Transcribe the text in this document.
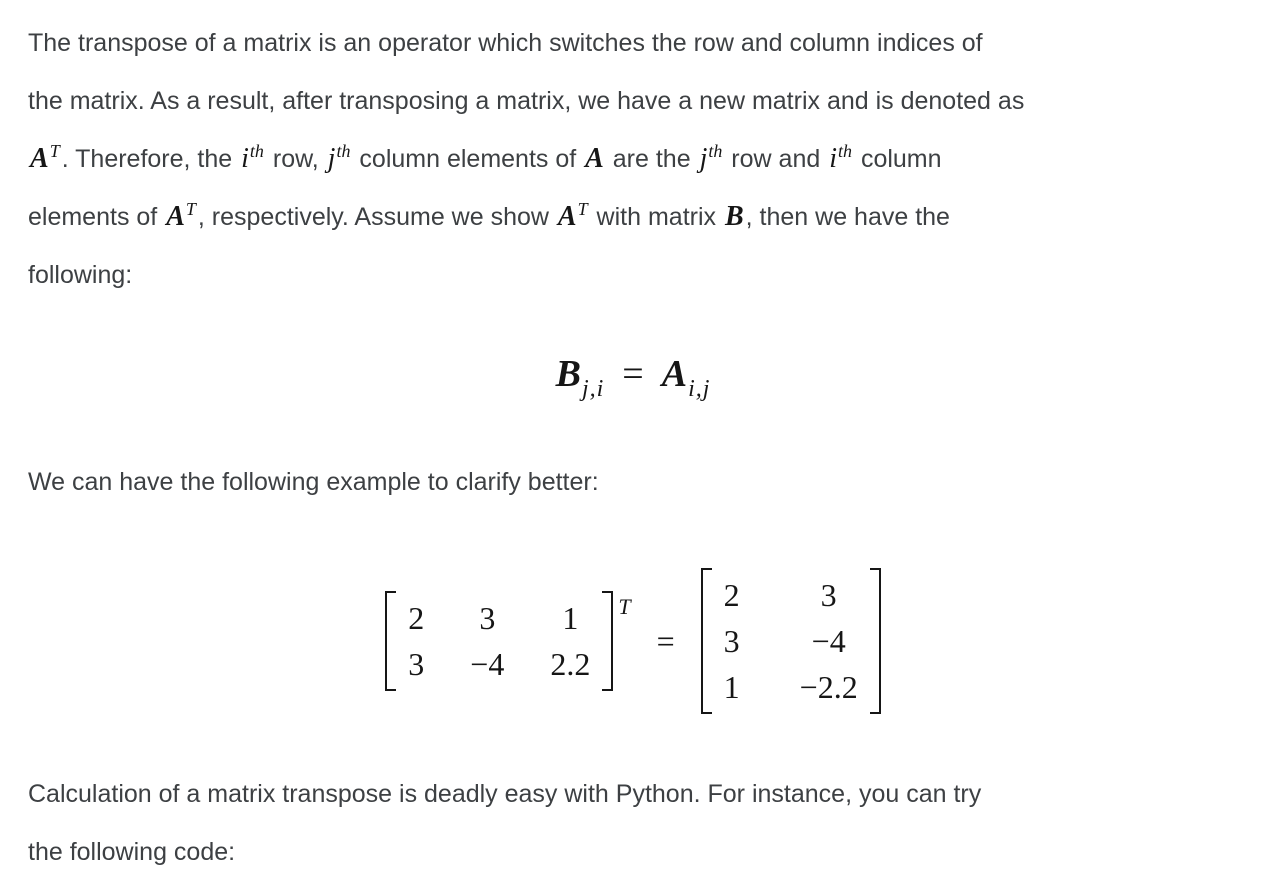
The transpose of a matrix is an operator which switches the row and column indices of
the matrix. As a result, after transposing a matrix, we have a new matrix and is denoted as
$A^T$. Therefore, the $i^{th}$ row, $j^{th}$ column elements of A are the $j^{th}$ row and $i^{th}$ column
elements of $A^T$, respectively. Assume we show $A^T$ with matrix B, then we have the
following:

B j,i = A i,j

We can have the following example to clarify better:

2 3 1
3 −4 2.2
T
=
2	3
3 −4
1 −2.2

Calculation of a matrix transpose is deadly easy with Python. For instance, you can try
the following code:
